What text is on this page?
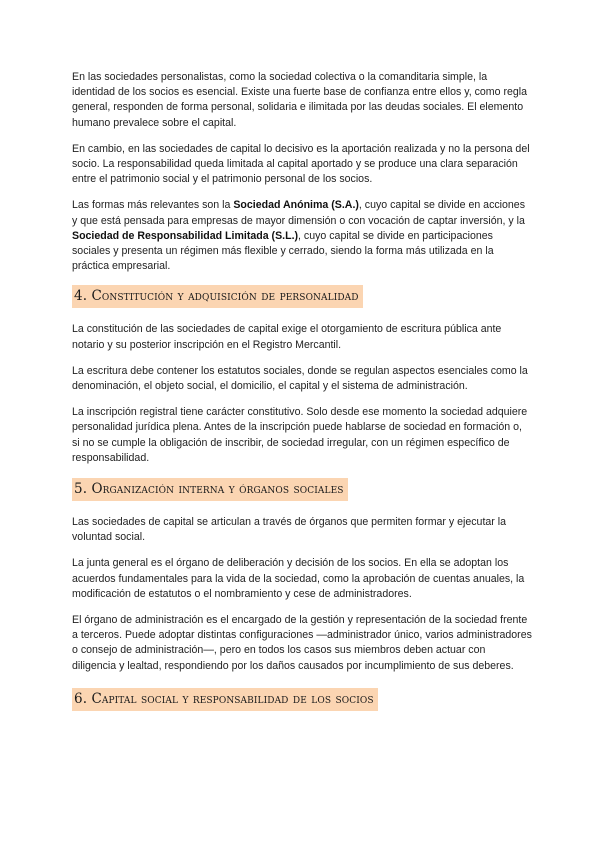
En las sociedades personalistas, como la sociedad colectiva o la comanditaria simple, la identidad de los socios es esencial. Existe una fuerte base de confianza entre ellos y, como regla general, responden de forma personal, solidaria e ilimitada por las deudas sociales. El elemento humano prevalece sobre el capital.

En cambio, en las sociedades de capital lo decisivo es la aportación realizada y no la persona del socio. La responsabilidad queda limitada al capital aportado y se produce una clara separación entre el patrimonio social y el patrimonio personal de los socios.

Las formas más relevantes son la Sociedad Anónima (S.A.), cuyo capital se divide en acciones y que está pensada para empresas de mayor dimensión o con vocación de captar inversión, y la Sociedad de Responsabilidad Limitada (S.L.), cuyo capital se divide en participaciones sociales y presenta un régimen más flexible y cerrado, siendo la forma más utilizada en la práctica empresarial.

4. Constitución y adquisición de personalidad

La constitución de las sociedades de capital exige el otorgamiento de escritura pública ante notario y su posterior inscripción en el Registro Mercantil.

La escritura debe contener los estatutos sociales, donde se regulan aspectos esenciales como la denominación, el objeto social, el domicilio, el capital y el sistema de administración.

La inscripción registral tiene carácter constitutivo. Solo desde ese momento la sociedad adquiere personalidad jurídica plena. Antes de la inscripción puede hablarse de sociedad en formación o, si no se cumple la obligación de inscribir, de sociedad irregular, con un régimen específico de responsabilidad.

5. Organización interna y órganos sociales

Las sociedades de capital se articulan a través de órganos que permiten formar y ejecutar la voluntad social.

La junta general es el órgano de deliberación y decisión de los socios. En ella se adoptan los acuerdos fundamentales para la vida de la sociedad, como la aprobación de cuentas anuales, la modificación de estatutos o el nombramiento y cese de administradores.

El órgano de administración es el encargado de la gestión y representación de la sociedad frente a terceros. Puede adoptar distintas configuraciones —administrador único, varios administradores o consejo de administración—, pero en todos los casos sus miembros deben actuar con diligencia y lealtad, respondiendo por los daños causados por incumplimiento de sus deberes.

6. Capital social y responsabilidad de los socios
